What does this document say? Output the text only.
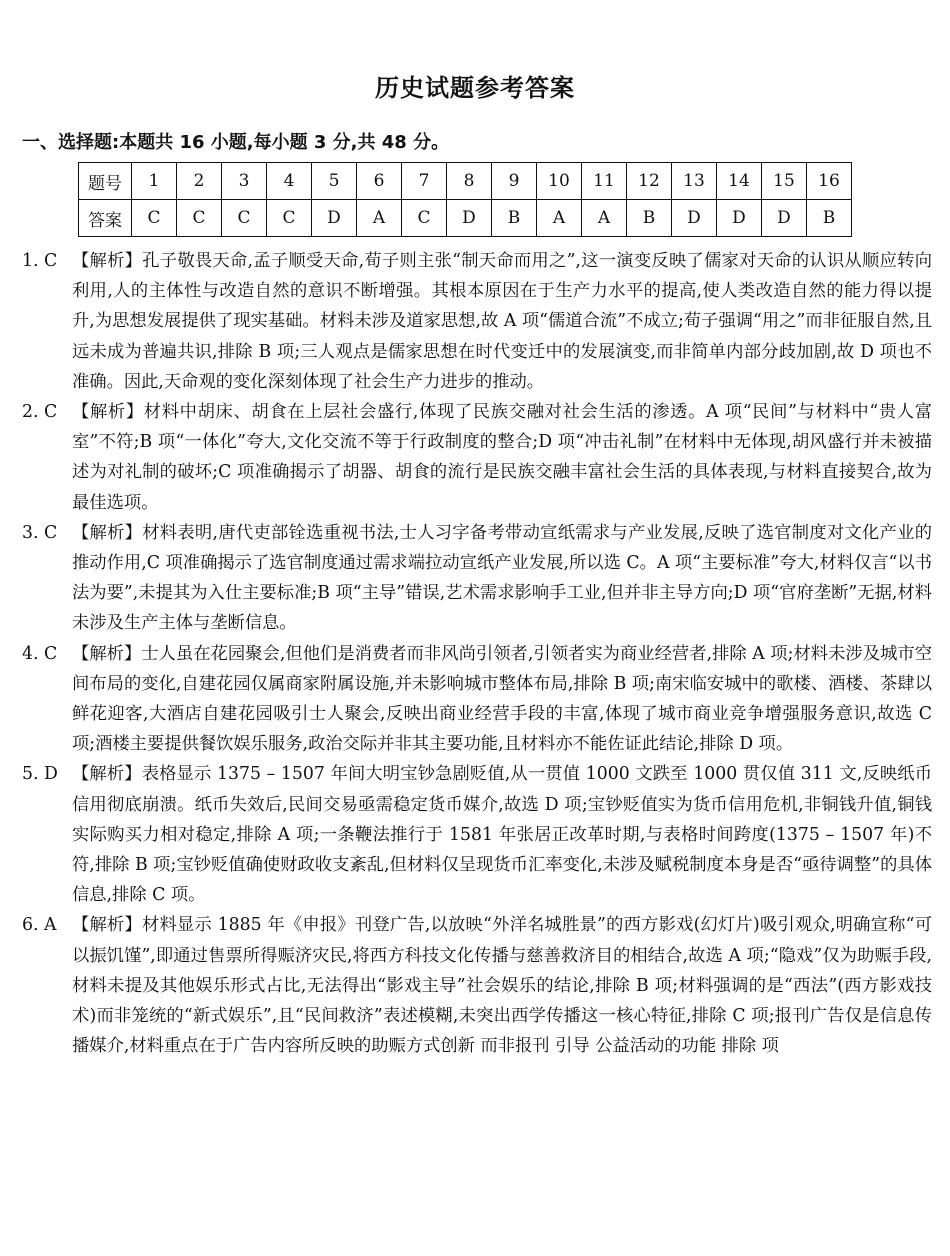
历史试题参考答案
一、选择题:本题共 16 小题,每小题 3 分,共 48 分。
题号	1	2	3	4	5	6	7	8	9	10	11	12	13	14	15	16
答案	C	C	C	C	D	A	C	D	B	A	A	B	D	D	D	B
1. C 【解析】孔子敬畏天命,孟子顺受天命,荀子则主张“制天命而用之”,这一演变反映了儒家对天命的认识从顺应转向利用,人的主体性与改造自然的意识不断增强。其根本原因在于生产力水平的提高,使人类改造自然的能力得以提升,为思想发展提供了现实基础。材料未涉及道家思想,故 A 项“儒道合流”不成立;荀子强调“用之”而非征服自然,且远未成为普遍共识,排除 B 项;三人观点是儒家思想在时代变迁中的发展演变,而非简单内部分歧加剧,故 D 项也不准确。因此,天命观的变化深刻体现了社会生产力进步的推动。
2. C 【解析】材料中胡床、胡食在上层社会盛行,体现了民族交融对社会生活的渗透。A 项“民间”与材料中“贵人富室”不符;B 项“一体化”夸大,文化交流不等于行政制度的整合;D 项“冲击礼制”在材料中无体现,胡风盛行并未被描述为对礼制的破坏;C 项准确揭示了胡器、胡食的流行是民族交融丰富社会生活的具体表现,与材料直接契合,故为最佳选项。
3. C 【解析】材料表明,唐代吏部铨选重视书法,士人习字备考带动宣纸需求与产业发展,反映了选官制度对文化产业的推动作用,C 项准确揭示了选官制度通过需求端拉动宣纸产业发展,所以选 C。A 项“主要标准”夸大,材料仅言“以书法为要”,未提其为入仕主要标准;B 项“主导”错误,艺术需求影响手工业,但并非主导方向;D 项“官府垄断”无据,材料未涉及生产主体与垄断信息。
4. C 【解析】士人虽在花园聚会,但他们是消费者而非风尚引领者,引领者实为商业经营者,排除 A 项;材料未涉及城市空间布局的变化,自建花园仅属商家附属设施,并未影响城市整体布局,排除 B 项;南宋临安城中的歌楼、酒楼、茶肆以鲜花迎客,大酒店自建花园吸引士人聚会,反映出商业经营手段的丰富,体现了城市商业竞争增强服务意识,故选 C 项;酒楼主要提供餐饮娱乐服务,政治交际并非其主要功能,且材料亦不能佐证此结论,排除 D 项。
5. D 【解析】表格显示 1375 – 1507 年间大明宝钞急剧贬值,从一贯值 1000 文跌至 1000 贯仅值 311 文,反映纸币信用彻底崩溃。纸币失效后,民间交易亟需稳定货币媒介,故选 D 项;宝钞贬值实为货币信用危机,非铜钱升值,铜钱实际购买力相对稳定,排除 A 项;一条鞭法推行于 1581 年张居正改革时期,与表格时间跨度(1375 – 1507 年)不符,排除 B 项;宝钞贬值确使财政收支紊乱,但材料仅呈现货币汇率变化,未涉及赋税制度本身是否“亟待调整”的具体信息,排除 C 项。
6. A 【解析】材料显示 1885 年《申报》刊登广告,以放映“外洋名城胜景”的西方影戏(幻灯片)吸引观众,明确宣称“可以振饥馑”,即通过售票所得赈济灾民,将西方科技文化传播与慈善救济目的相结合,故选 A 项;“隐戏”仅为助赈手段,材料未提及其他娱乐形式占比,无法得出“影戏主导”社会娱乐的结论,排除 B 项;材料强调的是“西法”(西方影戏技术)而非笼统的“新式娱乐”,且“民间救济”表述模糊,未突出西学传播这一核心特征,排除 C 项;报刊广告仅是信息传播媒介,材料重点在于广告内容所反映的助赈方式创新 而非报刊 引导 公益活动的功能 排除 项
